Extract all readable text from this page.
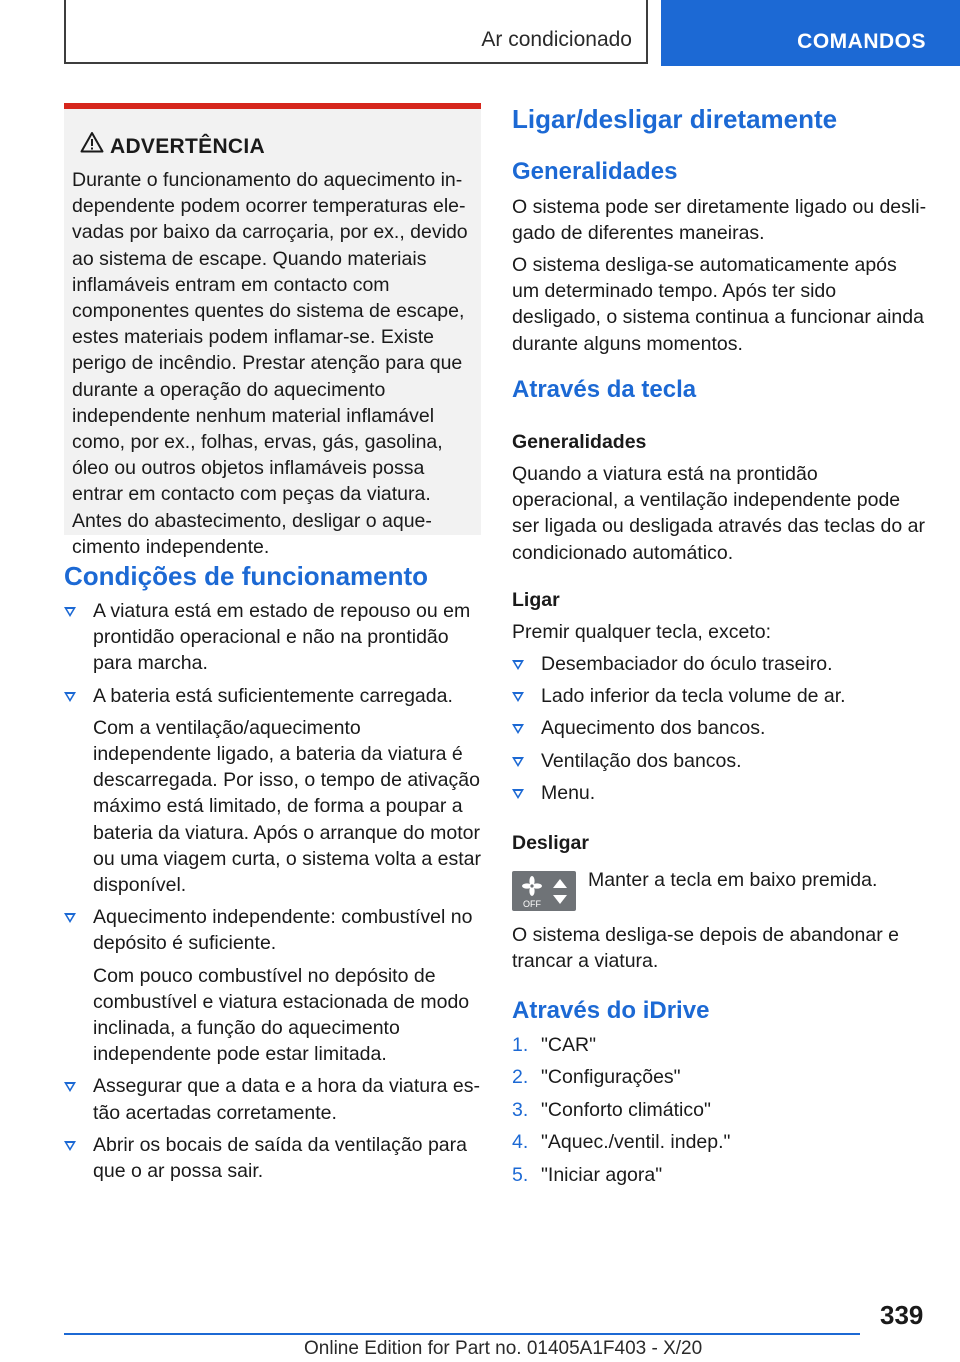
Ar condicionado	COMANDOS
ADVERTÊNCIA
Durante o funcionamento do aquecimento independente podem ocorrer temperaturas elevadas por baixo da carroçaria, por ex., devido ao sistema de escape. Quando materiais inflamáveis entram em contacto com componentes quentes do sistema de escape, estes materiais podem inflamar-se. Existe perigo de incêndio. Prestar atenção para que durante a operação do aquecimento independente nenhum material inflamável como, por ex., folhas, ervas, gás, gasolina, óleo ou outros objetos inflamáveis possa entrar em contacto com peças da viatura. Antes do abastecimento, desligar o aquecimento independente.
Condições de funcionamento
A viatura está em estado de repouso ou em prontidão operacional e não na prontidão para marcha.
A bateria está suficientemente carregada.
Com a ventilação/aquecimento independente ligado, a bateria da viatura é descarregada. Por isso, o tempo de ativação máximo está limitado, de forma a poupar a bateria da viatura. Após o arranque do motor ou uma viagem curta, o sistema volta a estar disponível.
Aquecimento independente: combustível no depósito é suficiente.
Com pouco combustível no depósito de combustível e viatura estacionada de modo inclinada, a função do aquecimento independente pode estar limitada.
Assegurar que a data e a hora da viatura estão acertadas corretamente.
Abrir os bocais de saída da ventilação para que o ar possa sair.
Ligar/desligar diretamente
Generalidades

O sistema pode ser diretamente ligado ou desligado de diferentes maneiras.

O sistema desliga-se automaticamente após um determinado tempo. Após ter sido desligado, o sistema continua a funcionar ainda durante alguns momentos.

Através da tecla
Generalidades

Quando a viatura está na prontidão operacional, a ventilação independente pode ser ligada ou desligada através das teclas do ar condicionado automático.

Ligar

Premir qualquer tecla, exceto:

Desembaciador do óculo traseiro.
Lado inferior da tecla volume de ar.
Aquecimento dos bancos.
Ventilação dos bancos.
Menu.
Desligar
OFF

Manter a tecla em baixo premida.

O sistema desliga-se depois de abandonar e trancar a viatura.

Através do iDrive
1. "CAR"
2. "Configurações"
3. "Conforto climático"
4. "Aquec./ventil. indep."
5. "Iniciar agora"
339
Online Edition for Part no. 01405A1F403 - X/20
